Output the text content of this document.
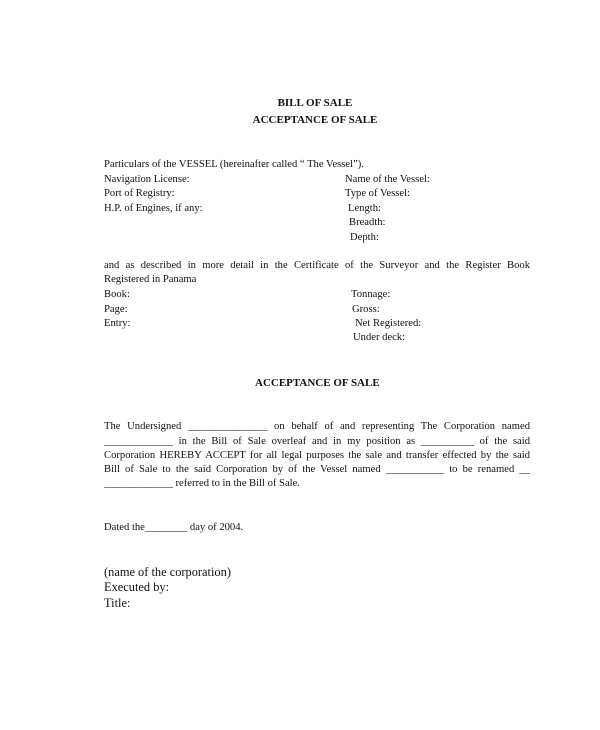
BILL OF SALE
ACCEPTANCE OF SALE
Particulars of the VESSEL (hereinafter called “ The Vessel”).
Navigation License:
Port of Registry:
H.P. of Engines, if any:
Name of the Vessel:
Type of Vessel:
Length:
Breadth:
Depth:
and as described in more detail in the Certificate of the Surveyor and the Register Book
Registered in Panama
Book:
Page:
Entry:
Tonnage:
Gross:
Net Registered:
Under deck:
ACCEPTANCE OF SALE
The Undersigned _______________ on behalf of and representing The Corporation named
_____________ in the Bill of Sale overleaf and in my position as __________ of the said
Corporation HEREBY ACCEPT for all legal purposes the sale and transfer effected by the said
Bill of Sale to the said Corporation by of the Vessel named ___________ to be renamed __
_____________ referred to in the Bill of Sale.
Dated the________ day of 2004.
(name of the corporation)
Executed by:
Title:
